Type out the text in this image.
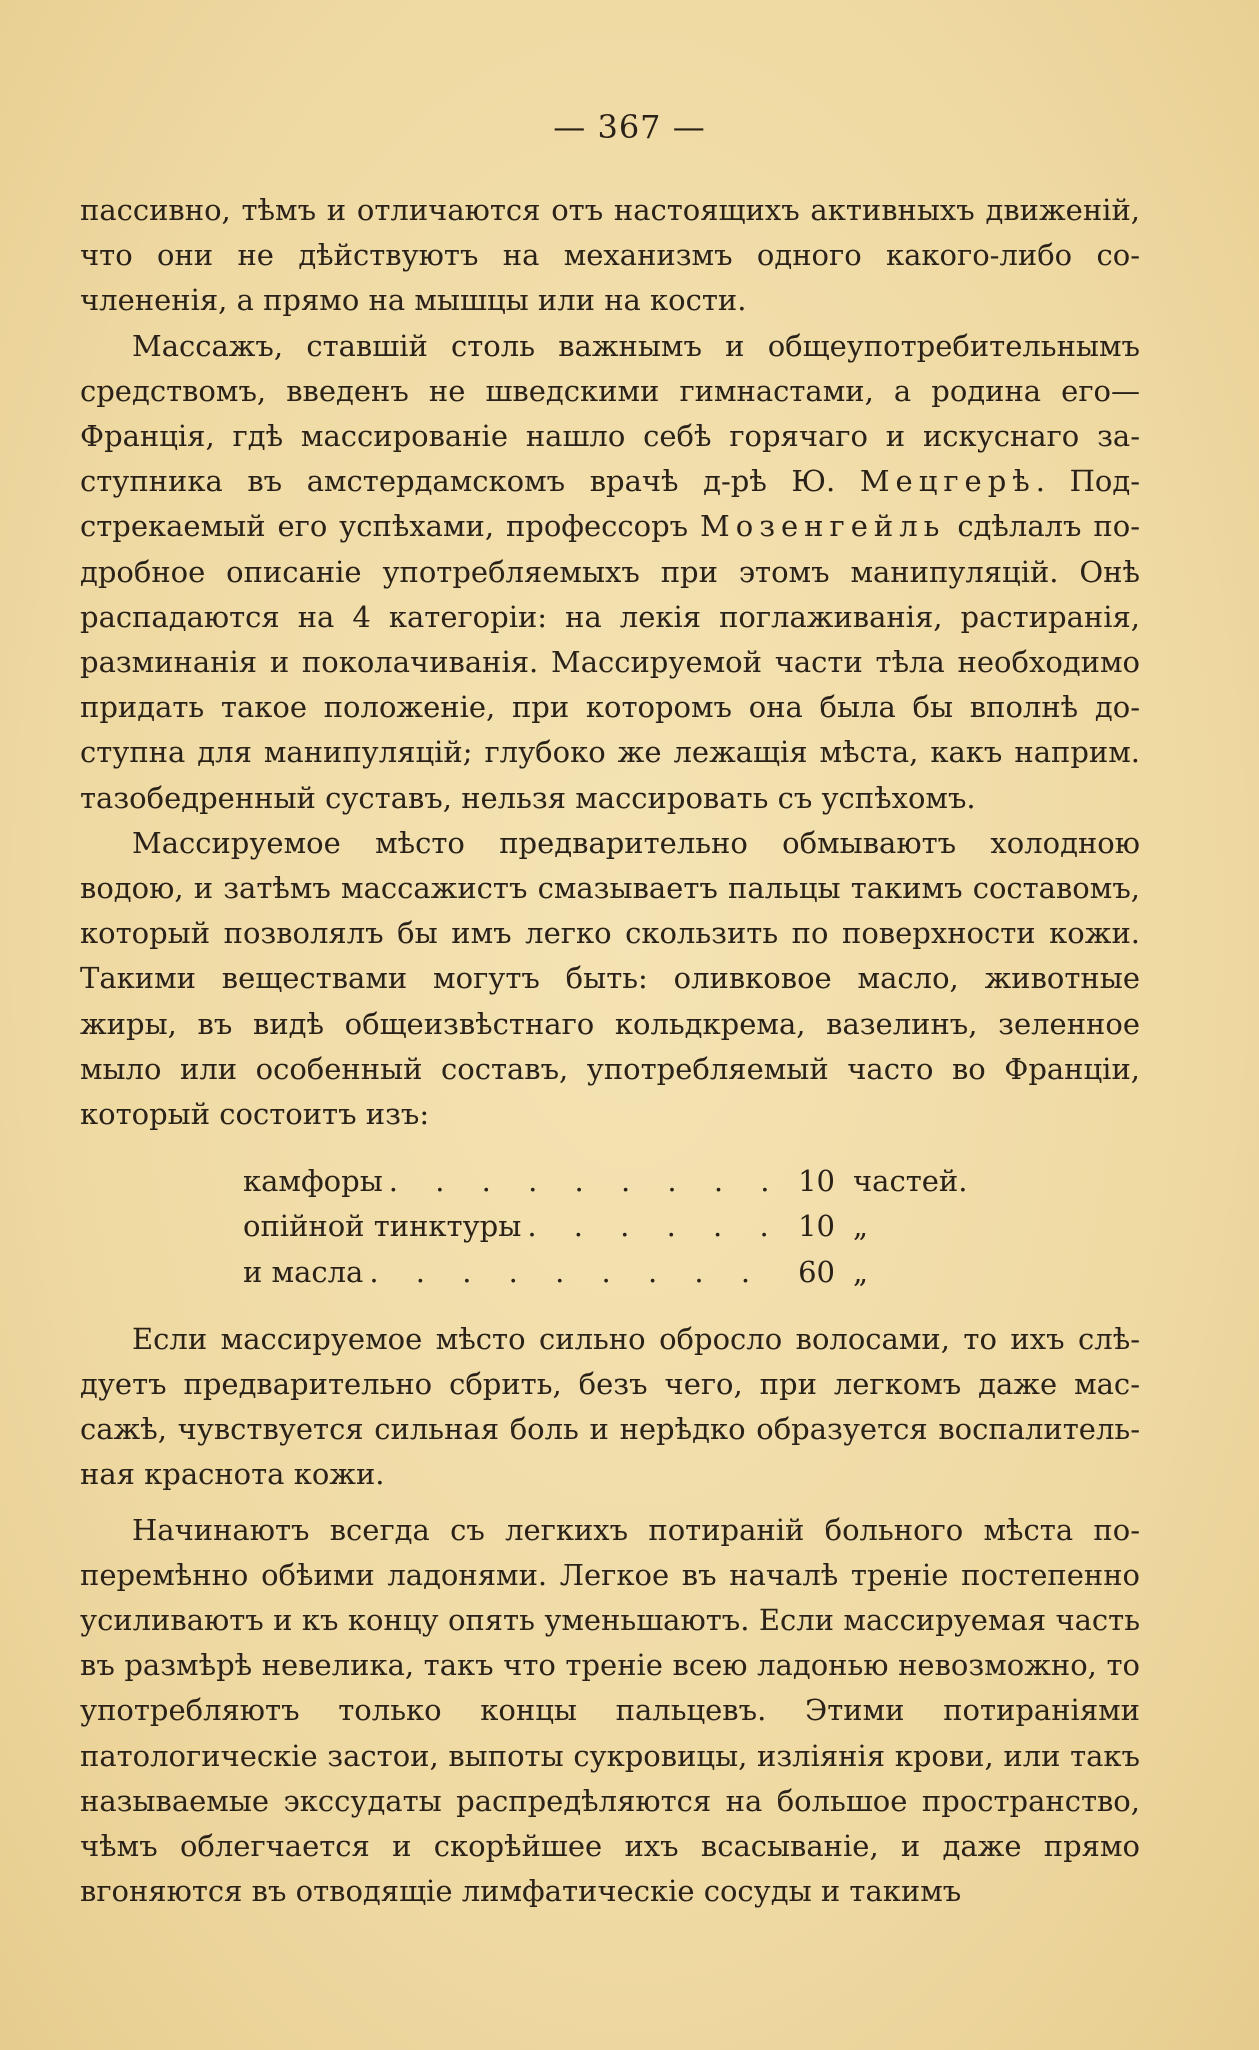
— 367 —

пассивно, тѣмъ и отличаются отъ настоящихъ активныхъ движенiй, что они не дѣйствуютъ на механизмъ одного какого-либо сочлененiя, а прямо на мышцы или на кости.

Массажъ, ставшiй столь важнымъ и общеупотребительнымъ средствомъ, введенъ не шведскими гимнастами, а родина его— Францiя, гдѣ массированiе нашло себѣ горячаго и искуснаго заступника въ амстердамскомъ врачѣ д-рѣ Ю. Мецгерѣ. Подстрекаемый его успѣхами, профессоръ Мозенгейль сдѣлалъ подробное описанiе употребляемыхъ при этомъ манипуляцiй. Онѣ распадаются на 4 категорiи: на лекiя поглаживанiя, растиранiя, разминанiя и поколачиванiя. Массируемой части тѣла необходимо придать такое положенiе, при которомъ она была бы вполнѣ доступна для манипуляцiй; глубоко же лежащiя мѣста, какъ наприм. тазобедренный суставъ, нельзя массировать съ успѣхомъ.

Массируемое мѣсто предварительно обмываютъ холодною водою, и затѣмъ массажистъ смазываетъ пальцы такимъ составомъ, который позволялъ бы имъ легко скользить по поверхности кожи. Такими веществами могутъ быть: оливковое масло, животные жиры, въ видѣ общеизвѣстнаго кольдкрема, вазелинъ, зеленное мыло или особенный составъ, употребляемый часто во Францiи, который состоитъ изъ:

камфоры . . .	10 частей.
опiйной тинктуры . . .	10 „
и масла . . .	60 „

Если массируемое мѣсто сильно обросло волосами, то ихъ слѣдуетъ предварительно сбрить, безъ чего, при легкомъ даже массажѣ, чувствуется сильная боль и нерѣдко образуется воспалительная краснота кожи.

Начинаютъ всегда съ легкихъ потиранiй больного мѣста поперемѣнно обѣими ладонями. Легкое въ началѣ тренiе постепенно усиливаютъ и къ концу опять уменьшаютъ. Если массируемая часть въ размѣрѣ невелика, такъ что тренiе всею ладонью невозможно, то употребляютъ только концы пальцевъ. Этими потиранiями патологическiе застои, выпоты сукровицы, излiянiя крови, или такъ называемые экссудаты распредѣляются на большое пространство, чѣмъ облегчается и скорѣйшее ихъ всасыванiе, и даже прямо вгоняются въ отводящiе лимфатическiе сосуды и такимъ
